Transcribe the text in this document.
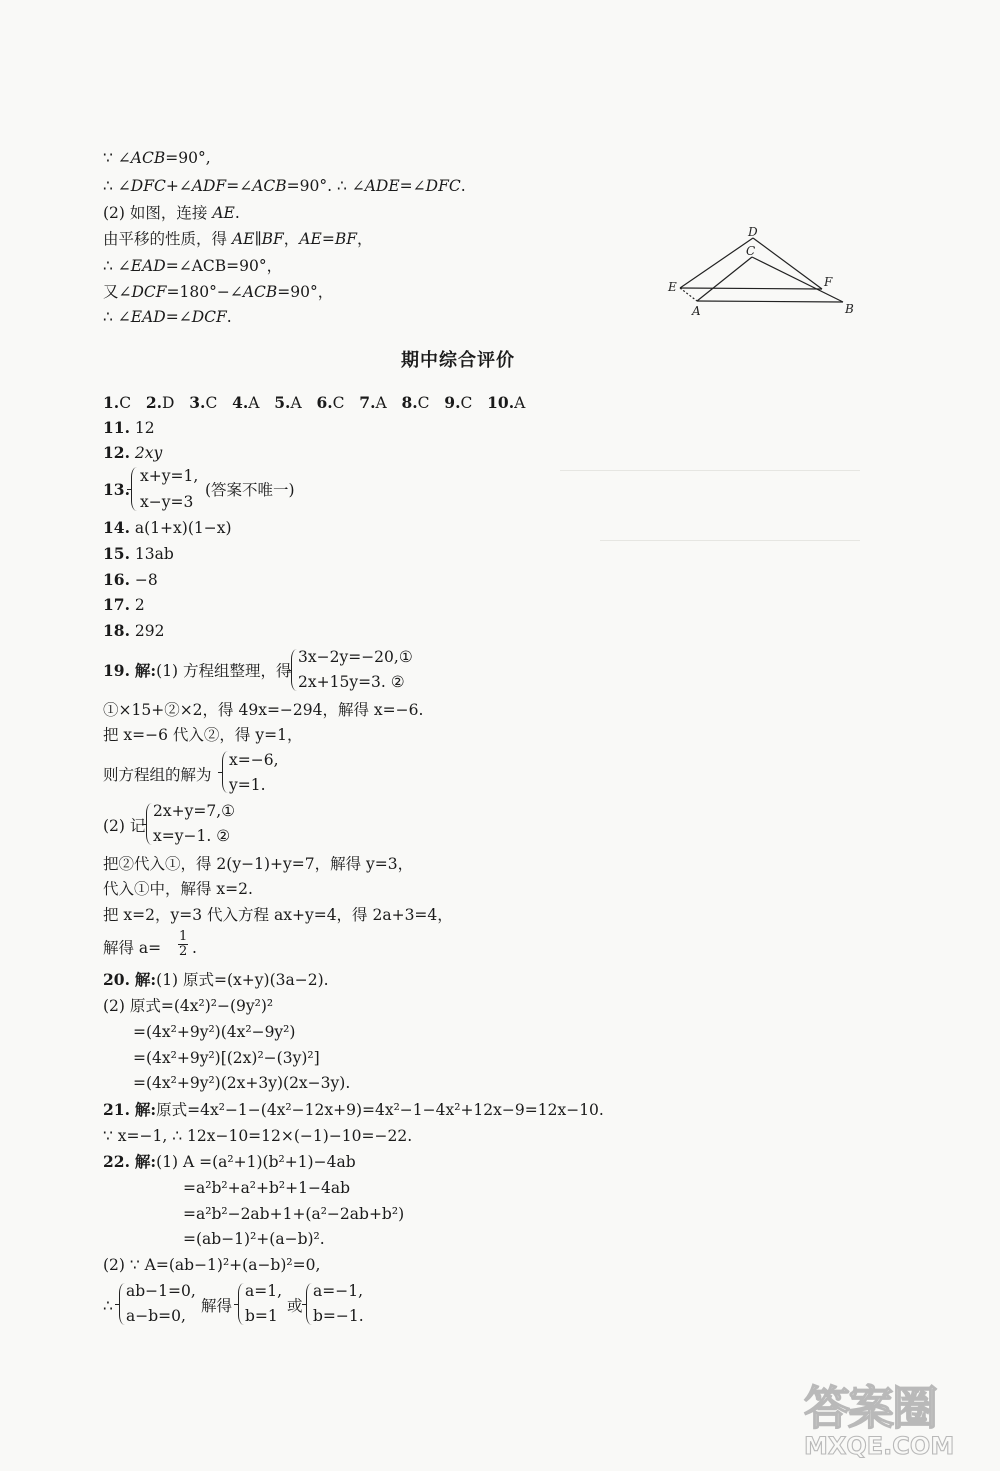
∵ ∠ACB=90°,
∴ ∠DFC+∠ADF=∠ACB=90°. ∴ ∠ADE=∠DFC.
(2) 如图，连接 AE.
由平移的性质，得 AE∥BF，AE=BF，
∴ ∠EAD=∠ACB=90°，
又∠DCF=180°−∠ACB=90°，
∴ ∠EAD=∠DCF.
D
C
E	F
A	B
期中综合评价
1.C 2.D 3.C 4.A 5.A 6.C 7.A 8.C 9.C 10.A
11. 12
12. 2xy
13.
x+y=1,
x−y=3
(答案不唯一)
14. a(1+x)(1−x)
15. 13ab
16. −8
17. 2
18. 292
19. 解:(1) 方程组整理，得
3x−2y=−20,①
2x+15y=3. ②
①×15+②×2，得 49x=−294，解得 x=−6.
把 x=−6 代入②，得 y=1，
则方程组的解为
x=−6,
y=1.
(2) 记
2x+y=7,①
x=y−1. ②
把②代入①，得 2(y−1)+y=7，解得 y=3，
代入①中，解得 x=2.
把 x=2，y=3 代入方程 ax+y=4，得 2a+3=4，
解得 $a= \frac{1}{2}$ .
20. 解:(1) 原式=(x+y)(3a−2).
(2) 原式=(4x²)²−(9y²)²
=(4x²+9y²)(4x²−9y²)
=(4x²+9y²)[(2x)²−(3y)²]
=(4x²+9y²)(2x+3y)(2x−3y).
21. 解:原式=4x²−1−(4x²−12x+9)=4x²−1−4x²+12x−9=12x−10.
∵ x=−1, ∴ 12x−10=12×(−1)−10=−22.
22. 解:(1) A =(a²+1)(b²+1)−4ab
=a²b²+a²+b²+1−4ab
=a²b²−2ab+1+(a²−2ab+b²)
=(ab−1)²+(a−b)².
(2) ∵ A=(ab−1)²+(a−b)²=0,
∴
ab−1=0,
a−b=0,
解得
a=1,
b=1
或
a=−1,
b=−1.
答案圈
MXQE.COM
